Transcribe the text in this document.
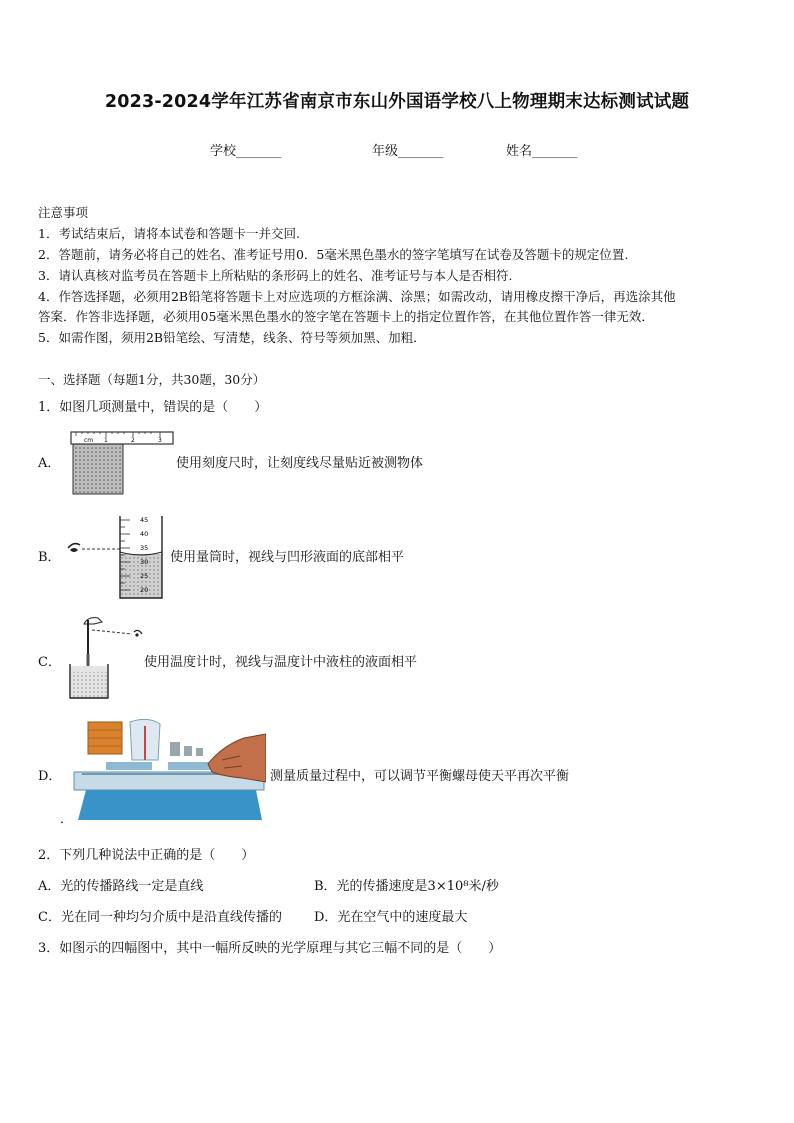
2023-2024学年江苏省南京市东山外国语学校八上物理期末达标测试试题
学校_______	年级_______	姓名_______
注意事项
1．考试结束后，请将本试卷和答题卡一并交回.
2．答题前，请务必将自己的姓名、准考证号用0．5毫米黑色墨水的签字笔填写在试卷及答题卡的规定位置.
3．请认真核对监考员在答题卡上所粘贴的条形码上的姓名、准考证号与本人是否相符.
4．作答选择题，必须用2B铅笔将答题卡上对应选项的方框涂满、涂黑；如需改动，请用橡皮擦干净后，再选涂其他
答案．作答非选择题，必须用05毫米黑色墨水的签字笔在答题卡上的指定位置作答，在其他位置作答一律无效．
5．如需作图，须用2B铅笔绘、写清楚，线条、符号等须加黑、加粗．
一、选择题（每题1分，共30题，30分）
1．如图几项测量中，错误的是（　　）
A．
cm 1	2	3
使用刻度尺时，让刻度线尽量贴近被测物体
B．
45
40
35
30
25
20
使用量筒时，视线与凹形液面的底部相平
C．	使用温度计时，视线与温度计中液柱的液面相平
D．	测量质量过程中，可以调节平衡螺母使天平再次平衡
．
2．下列几种说法中正确的是（　　）
A．光的传播路线一定是直线	B．光的传播速度是3×10⁸米/秒
C．光在同一种均匀介质中是沿直线传播的 D．光在空气中的速度最大
3．如图示的四幅图中，其中一幅所反映的光学原理与其它三幅不同的是（　　）
